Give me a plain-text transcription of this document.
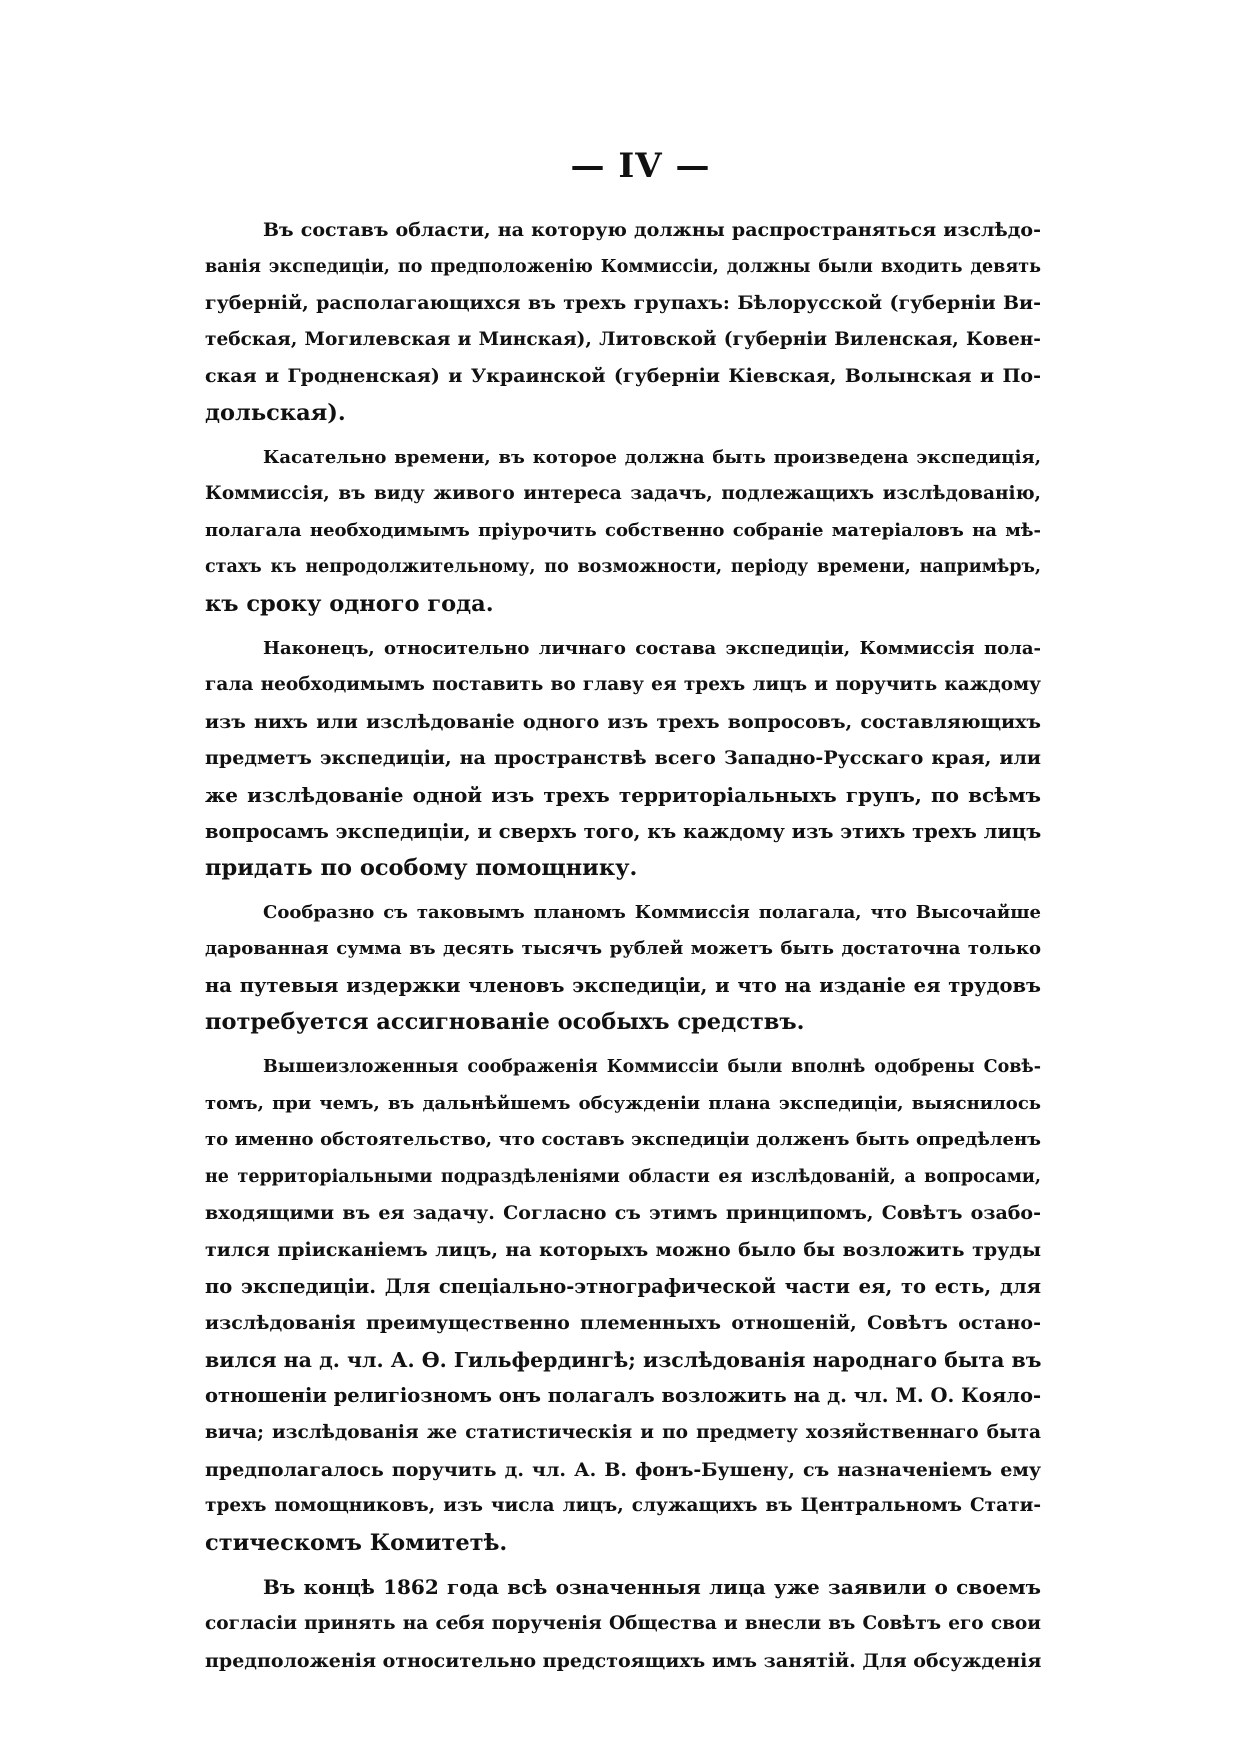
— IV —
Въ составъ области, на которую должны распространяться изслѣдо-
ванія экспедиціи, по предположенію Коммиссіи, должны были входить девять
губерній, располагающихся въ трехъ групахъ: Бѣлорусской (губерніи Ви-
тебская, Могилевская и Минская), Литовской (губерніи Виленская, Ковен-
ская и Гродненская) и Украинской (губерніи Кіевская, Волынская и По-
дольская).
Касательно времени, въ которое должна быть произведена экспедиція,
Коммиссія, въ виду живого интереса задачъ, подлежащихъ изслѣдованію,
полагала необходимымъ пріурочить собственно собраніе матеріаловъ на мѣ-
стахъ къ непродолжительному, по возможности, періоду времени, напримѣръ,
къ сроку одного года.
Наконецъ, относительно личнаго состава экспедиціи, Коммиссія пола-
гала необходимымъ поставить во главу ея трехъ лицъ и поручить каждому
изъ нихъ или изслѣдованіе одного изъ трехъ вопросовъ, составляющихъ
предметъ экспедиціи, на пространствѣ всего Западно-Русскаго края, или
же изслѣдованіе одной изъ трехъ территоріальныхъ групъ, по всѣмъ
вопросамъ экспедиціи, и сверхъ того, къ каждому изъ этихъ трехъ лицъ
придать по особому помощнику.
Сообразно съ таковымъ планомъ Коммиссія полагала, что Высочайше
дарованная сумма въ десять тысячъ рублей можетъ быть достаточна только
на путевыя издержки членовъ экспедиціи, и что на изданіе ея трудовъ
потребуется ассигнованіе особыхъ средствъ.
Вышеизложенныя соображенія Коммиссіи были вполнѣ одобрены Совѣ-
томъ, при чемъ, въ дальнѣйшемъ обсужденіи плана экспедиціи, выяснилось
то именно обстоятельство, что составъ экспедиціи долженъ быть опредѣленъ
не территоріальными подраздѣленіями области ея изслѣдованій, а вопросами,
входящими въ ея задачу. Согласно съ этимъ принципомъ, Совѣтъ озабо-
тился пріисканіемъ лицъ, на которыхъ можно было бы возложить труды
по экспедиціи. Для спеціально-этнографической части ея, то есть, для
изслѣдованія преимущественно племенныхъ отношеній, Совѣтъ остано-
вился на д. чл. А. Ѳ. Гильфердингѣ; изслѣдованія народнаго быта въ
отношеніи религіозномъ онъ полагалъ возложить на д. чл. М. О. Кояло-
вича; изслѣдованія же статистическія и по предмету хозяйственнаго быта
предполагалось поручить д. чл. А. В. фонъ-Бушену, съ назначеніемъ ему
трехъ помощниковъ, изъ числа лицъ, служащихъ въ Центральномъ Стати-
стическомъ Комитетѣ.
Въ концѣ 1862 года всѣ означенныя лица уже заявили о своемъ
согласіи принять на себя порученія Общества и внесли въ Совѣтъ его свои
предположенія относительно предстоящихъ имъ занятій. Для обсужденія
